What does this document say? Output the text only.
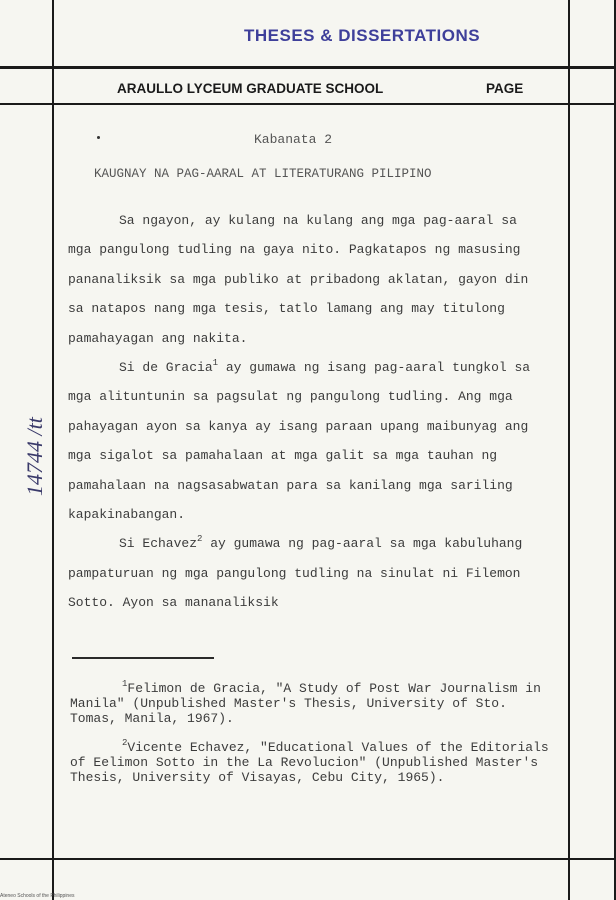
THESES & DISSERTATIONS
ARAULLO LYCEUM GRADUATE SCHOOL	PAGE
Kabanata 2
KAUGNAY NA PAG-AARAL AT LITERATURANG PILIPINO

Sa ngayon, ay kulang na kulang ang mga pag-aaral sa mga pangulong tudling na gaya nito. Pagkatapos ng masusing pananaliksik sa mga publiko at pribadong aklatan, gayon din sa natapos nang mga tesis, tatlo lamang ang may titulong pamahayagan ang nakita.

Si de Gracia$^1$ ay gumawa ng isang pag-aaral tungkol sa mga alituntunin sa pagsulat ng pangulong tudling. Ang mga pahayagan ayon sa kanya ay isang paraan upang maibunyag ang mga sigalot sa pamahalaan at mga galit sa mga tauhan ng pamahalaan na nagsasabwatan para sa kanilang mga sariling kapakinabangan.

Si Echavez$^2$ ay gumawa ng pag-aaral sa mga kabuluhang pampaturuan ng mga pangulong tudling na sinulat ni Filemon Sotto. Ayon sa mananaliksik

$^1$Felimon de Gracia, "A Study of Post War Journalism in Manila" (Unpublished Master's Thesis, University of Sto. Tomas, Manila, 1967).

$^2$Vicente Echavez, "Educational Values of the Editorials of Eelimon Sotto in the La Revolucion" (Unpublished Master's Thesis, University of Visayas, Cebu City, 1965).

14744 /tt
Ateneo Schools of the Philippines
